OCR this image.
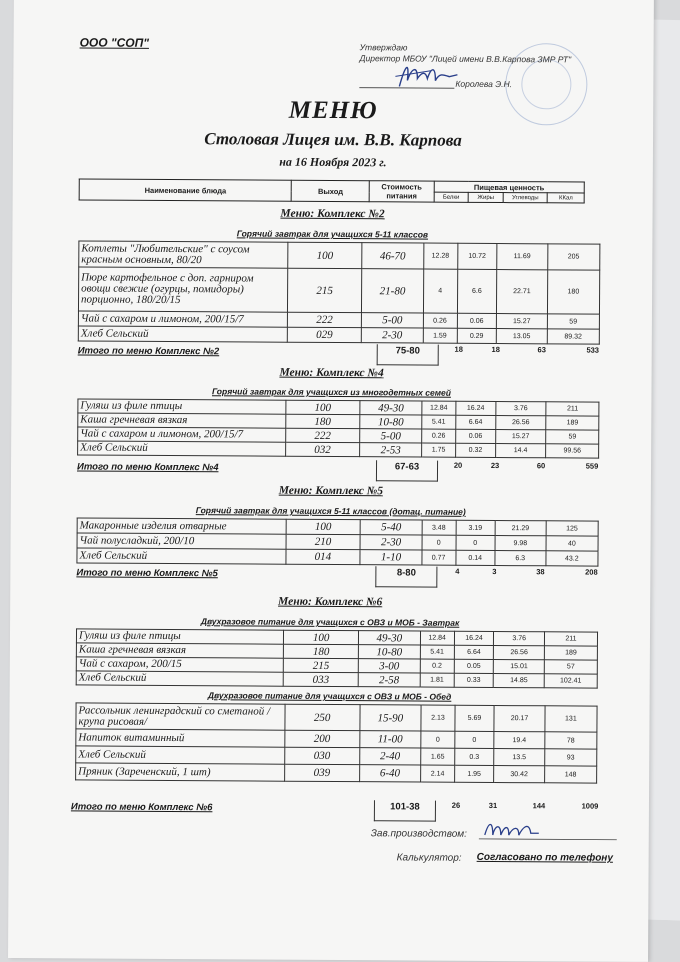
ООО "СОП"	Утверждаю
Директор МБОУ "Лицей имени В.В.Карпова ЗМР РТ"
Королева Э.Н.
МЕНЮ
Столовая Лицея им. В.В. Карпова
на 16 Ноября 2023 г.
Наименование блюда	Выход	Стоимость
питания	Пищевая ценность			
			Белки	Жиры	Углеводы	ККал
Меню: Комплекс №2
Горячий завтрак для учащихся 5-11 классов
Котлеты "Любительские" с соусом красным основным, 80/20	100	46-70	12.28	10.72	11.69	205
Пюре картофельное с доп. гарниром овощи свежие (огурцы, помидоры) порционно, 180/20/15	215	21-80	4	6.6	22.71	180
Чай с сахаром и лимоном, 200/15/7	222	5-00	0.26	0.06	15.27	59
Хлеб Сельский	029	2-30	1.59	0.29	13.05	89.32
Итого по меню Комплекс №2	75-80	18	18	63	533
Меню: Комплекс №4
Горячий завтрак для учащихся из многодетных семей
Гуляш из филе птицы	100	49-30	12.84	16.24	3.76	211
Каша гречневая вязкая	180	10-80	5.41	6.64	26.56	189
Чай с сахаром и лимоном, 200/15/7	222	5-00	0.26	0.06	15.27	59
Хлеб Сельский	032	2-53	1.75	0.32	14.4	99.56
Итого по меню Комплекс №4	67-63	20	23	60	559
Меню: Комплекс №5
Горячий завтрак для учащихся 5-11 классов (дотац. питание)
Макаронные изделия отварные	100	5-40	3.48	3.19	21.29	125
Чай полусладкий, 200/10	210	2-30	0	0	9.98	40
Хлеб Сельский	014	1-10	0.77	0.14	6.3	43.2
Итого по меню Комплекс №5	8-80	4	3	38	208
Меню: Комплекс №6
Двухразовое питание для учащихся с ОВЗ и МОБ - Завтрак
Гуляш из филе птицы	100	49-30	12.84	16.24	3.76	211
Каша гречневая вязкая	180	10-80	5.41	6.64	26.56	189
Чай с сахаром, 200/15	215	3-00	0.2	0.05	15.01	57
Хлеб Сельский	033	2-58	1.81	0.33	14.85	102.41
Двухразовое питание для учащихся с ОВЗ и МОБ - Обед
Рассольник ленинградский со сметаной /крупа рисовая/	250	15-90	2.13	5.69	20.17	131
Напиток витаминный	200	11-00	0	0	19.4	78
Хлеб Сельский	030	2-40	1.65	0.3	13.5	93
Пряник (Зареченский, 1 шт)	039	6-40	2.14	1.95	30.42	148
Итого по меню Комплекс №6	101-38	26	31	144	1009
Зав.производством:
Калькулятор: Согласовано по телефону
